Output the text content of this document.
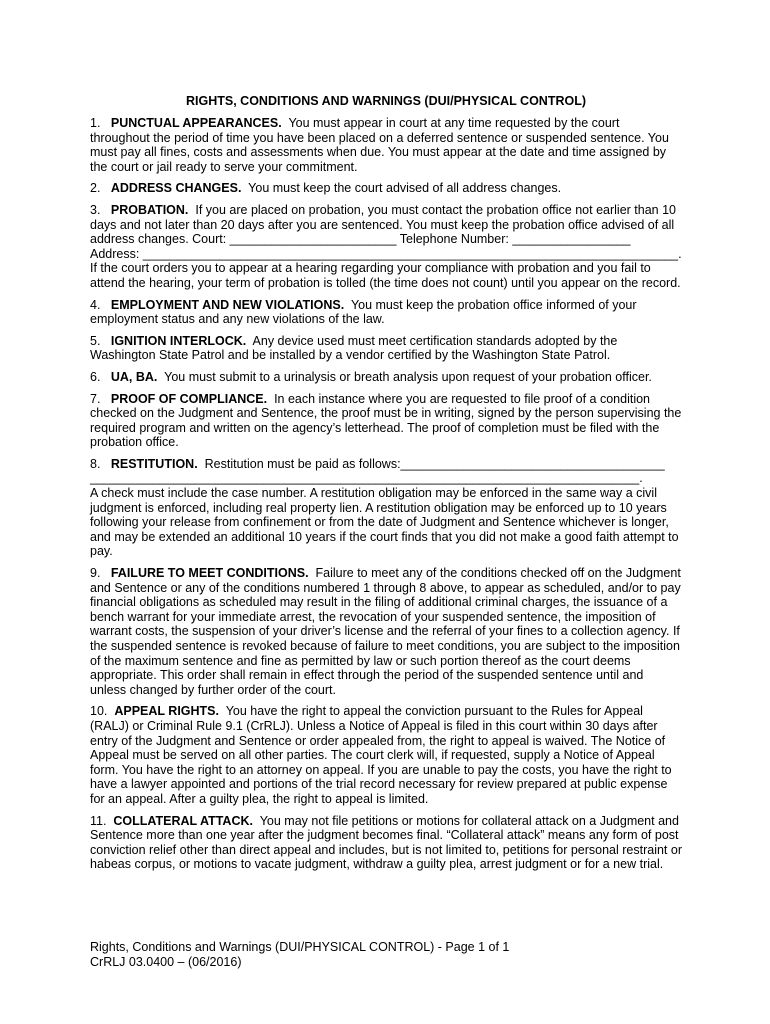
RIGHTS, CONDITIONS AND WARNINGS (DUI/PHYSICAL CONTROL)

1. PUNCTUAL APPEARANCES. You must appear in court at any time requested by the court throughout the period of time you have been placed on a deferred sentence or suspended sentence. You must pay all fines, costs and assessments when due. You must appear at the date and time assigned by the court or jail ready to serve your commitment.

2. ADDRESS CHANGES. You must keep the court advised of all address changes.

3. PROBATION. If you are placed on probation, you must contact the probation office not earlier than 10 days and not later than 20 days after you are sentenced. You must keep the probation office advised of all address changes. Court: ________________________ Telephone Number: _________________
Address: _____________________________________________________________________________.
If the court orders you to appear at a hearing regarding your compliance with probation and you fail to attend the hearing, your term of probation is tolled (the time does not count) until you appear on the record.

4. EMPLOYMENT AND NEW VIOLATIONS. You must keep the probation office informed of your employment status and any new violations of the law.

5. IGNITION INTERLOCK. Any device used must meet certification standards adopted by the Washington State Patrol and be installed by a vendor certified by the Washington State Patrol.

6. UA, BA. You must submit to a urinalysis or breath analysis upon request of your probation officer.

7. PROOF OF COMPLIANCE. In each instance where you are requested to file proof of a condition checked on the Judgment and Sentence, the proof must be in writing, signed by the person supervising the required program and written on the agency’s letterhead. The proof of completion must be filed with the probation office.

8. RESTITUTION. Restitution must be paid as follows:______________________________________
_______________________________________________________________________________.
A check must include the case number. A restitution obligation may be enforced in the same way a civil judgment is enforced, including real property lien. A restitution obligation may be enforced up to 10 years following your release from confinement or from the date of Judgment and Sentence whichever is longer, and may be extended an additional 10 years if the court finds that you did not make a good faith attempt to pay.

9. FAILURE TO MEET CONDITIONS. Failure to meet any of the conditions checked off on the Judgment and Sentence or any of the conditions numbered 1 through 8 above, to appear as scheduled, and/or to pay financial obligations as scheduled may result in the filing of additional criminal charges, the issuance of a bench warrant for your immediate arrest, the revocation of your suspended sentence, the imposition of warrant costs, the suspension of your driver’s license and the referral of your fines to a collection agency. If the suspended sentence is revoked because of failure to meet conditions, you are subject to the imposition of the maximum sentence and fine as permitted by law or such portion thereof as the court deems appropriate. This order shall remain in effect through the period of the suspended sentence until and unless changed by further order of the court.

10. APPEAL RIGHTS. You have the right to appeal the conviction pursuant to the Rules for Appeal (RALJ) or Criminal Rule 9.1 (CrRLJ). Unless a Notice of Appeal is filed in this court within 30 days after entry of the Judgment and Sentence or order appealed from, the right to appeal is waived. The Notice of Appeal must be served on all other parties. The court clerk will, if requested, supply a Notice of Appeal form. You have the right to an attorney on appeal. If you are unable to pay the costs, you have the right to have a lawyer appointed and portions of the trial record necessary for review prepared at public expense for an appeal. After a guilty plea, the right to appeal is limited.

11. COLLATERAL ATTACK. You may not file petitions or motions for collateral attack on a Judgment and Sentence more than one year after the judgment becomes final. “Collateral attack” means any form of post conviction relief other than direct appeal and includes, but is not limited to, petitions for personal restraint or habeas corpus, or motions to vacate judgment, withdraw a guilty plea, arrest judgment or for a new trial.

Rights, Conditions and Warnings (DUI/PHYSICAL CONTROL) - Page 1 of 1
CrRLJ 03.0400 – (06/2016)
